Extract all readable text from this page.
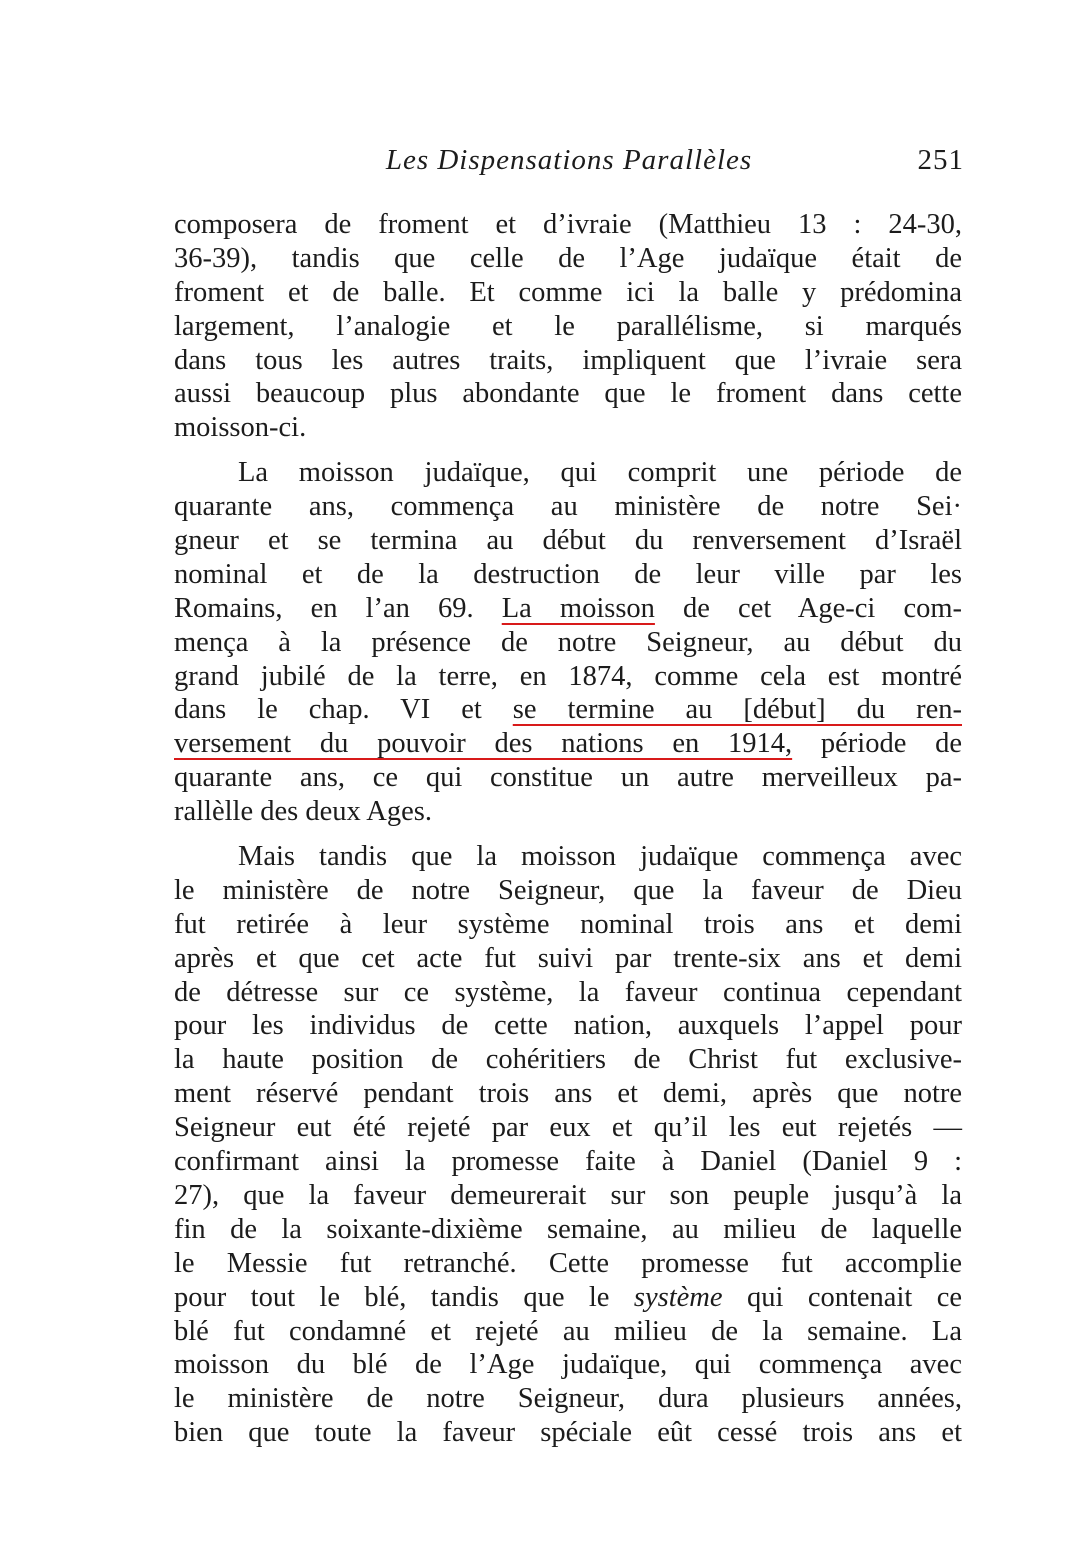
Les Dispensations Parallèles	251
composera de froment et d’ivraie (Matthieu 13 : 24-30,
36-39), tandis que celle de l’Age judaïque était de
froment et de balle. Et comme ici la balle y prédomina
largement, l’analogie et le parallélisme, si marqués
dans tous les autres traits, impliquent que l’ivraie sera
aussi beaucoup plus abondante que le froment dans cette
moisson-ci.
La moisson judaïque, qui comprit une période de
quarante ans, commença au ministère de notre Sei·
gneur et se termina au début du renversement d’Israël
nominal et de la destruction de leur ville par les
Romains, en l’an 69. La moisson de cet Age-ci com-
mença à la présence de notre Seigneur, au début du
grand jubilé de la terre, en 1874, comme cela est montré
dans le chap. VI et se termine au [début] du ren-
versement du pouvoir des nations en 1914, période de
quarante ans, ce qui constitue un autre merveilleux pa-
rallèlle des deux Ages.
Mais tandis que la moisson judaïque commença avec
le ministère de notre Seigneur, que la faveur de Dieu
fut retirée à leur système nominal trois ans et demi
après et que cet acte fut suivi par trente-six ans et demi
de détresse sur ce système, la faveur continua cependant
pour les individus de cette nation, auxquels l’appel pour
la haute position de cohéritiers de Christ fut exclusive-
ment réservé pendant trois ans et demi, après que notre
Seigneur eut été rejeté par eux et qu’il les eut rejetés —
confirmant ainsi la promesse faite à Daniel (Daniel 9 :
27), que la faveur demeurerait sur son peuple jusqu’à la
fin de la soixante-dixième semaine, au milieu de laquelle
le Messie fut retranché. Cette promesse fut accomplie
pour tout le blé, tandis que le système qui contenait ce
blé fut condamné et rejeté au milieu de la semaine. La
moisson du blé de l’Age judaïque, qui commença avec
le ministère de notre Seigneur, dura plusieurs années,
bien que toute la faveur spéciale eût cessé trois ans et
